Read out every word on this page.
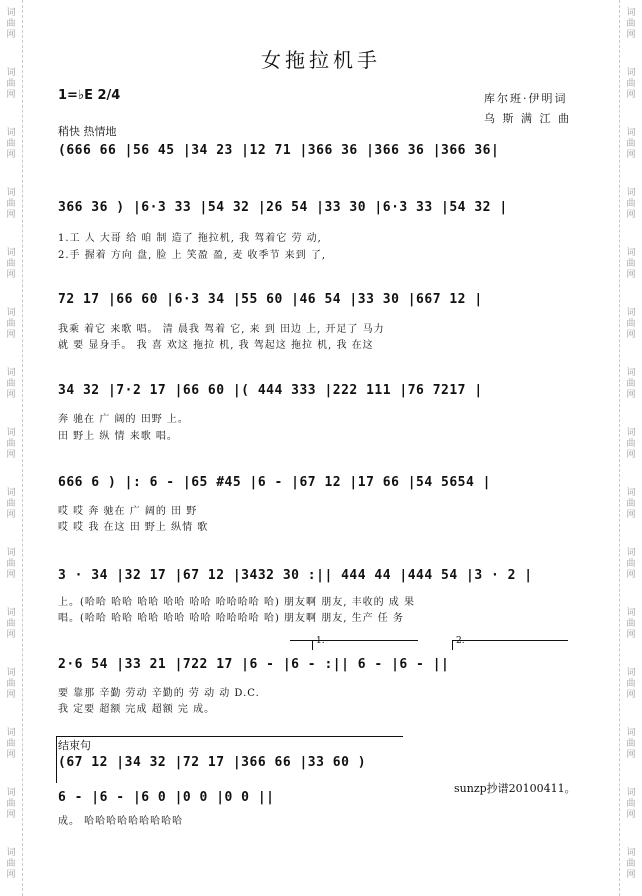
词
曲
网
词
曲
网
词
曲
网
词
曲
网
词
曲
网
词
曲
网
词
曲
网
词
曲
网
词
曲
网
词
曲
网
词
曲
网
词
曲
网
词
曲
网
词
曲
网
词
曲
网
词
曲
网
词
曲
网
词
曲
网
词
曲
网
词
曲
网
词
曲
网
词
曲
网
词
曲
网
词
曲
网
词
曲
网
词
曲
网
词
曲
网
词
曲
网
词
曲
网
词
曲
网
女拖拉机手
1=♭E 2/4	库尔班·伊明词
乌 斯 满 江 曲
稍快 热情地
(666 66 |56 45 |34 23 |12 71 |366 36 |366 36 |366 36|
366 36 ) |6·3 33 |54 32 |26 54 |33 30 |6·3 33 |54 32 |
1.工 人 大哥 给 咱 制 造了 拖拉机, 我 驾着它 劳 动,
2.手 握着 方向 盘, 脸 上 笑盈 盈, 麦 收季节 来到 了,
72 17 |66 60 |6·3 34 |55 60 |46 54 |33 30 |667 12 |
我乘 着它 来歌 唱。 清 晨我 驾着 它, 来 到 田边 上, 开足了 马力
就 要 显身手。 我 喜 欢这 拖拉 机, 我 驾起这 拖拉 机, 我 在这
34 32 |7·2 17 |66 60 |( 444 333 |222 111 |76 7217 |
奔 驰在 广 阔的 田野 上。
田 野上 纵 情 来歌 唱。
666 6 ) |: 6 - |65 #45 |6 - |67 12 |17 66 |54 5654 |
哎 哎 奔 驰在 广 阔的 田 野
哎 哎 我 在这 田 野上 纵情 歌
3 · 34 |32 17 |67 12 |3432 30 :|| 444 44 |444 54 |3 · 2 |
上。(哈哈 哈哈 哈哈 哈哈 哈哈 哈哈哈哈 哈) 朋友啊 朋友, 丰收的 成 果
唱。(哈哈 哈哈 哈哈 哈哈 哈哈 哈哈哈哈 哈) 朋友啊 朋友, 生产 任 务
1.	2.
2·6 54 |33 21 |722 17 |6 - |6 - :|| 6 - |6 - ||
要 靠那 辛勤 劳动 辛勤的 劳 动 动 D.C.
我 定要 超额 完成 超额 完 成。
结束句
(67 12 |34 32 |72 17 |366 66 |33 60 )
6 - |6 - |6 0 |0 0 |0 0 ||
成。 哈哈哈哈哈哈哈哈哈
sunzp抄谱20100411。
